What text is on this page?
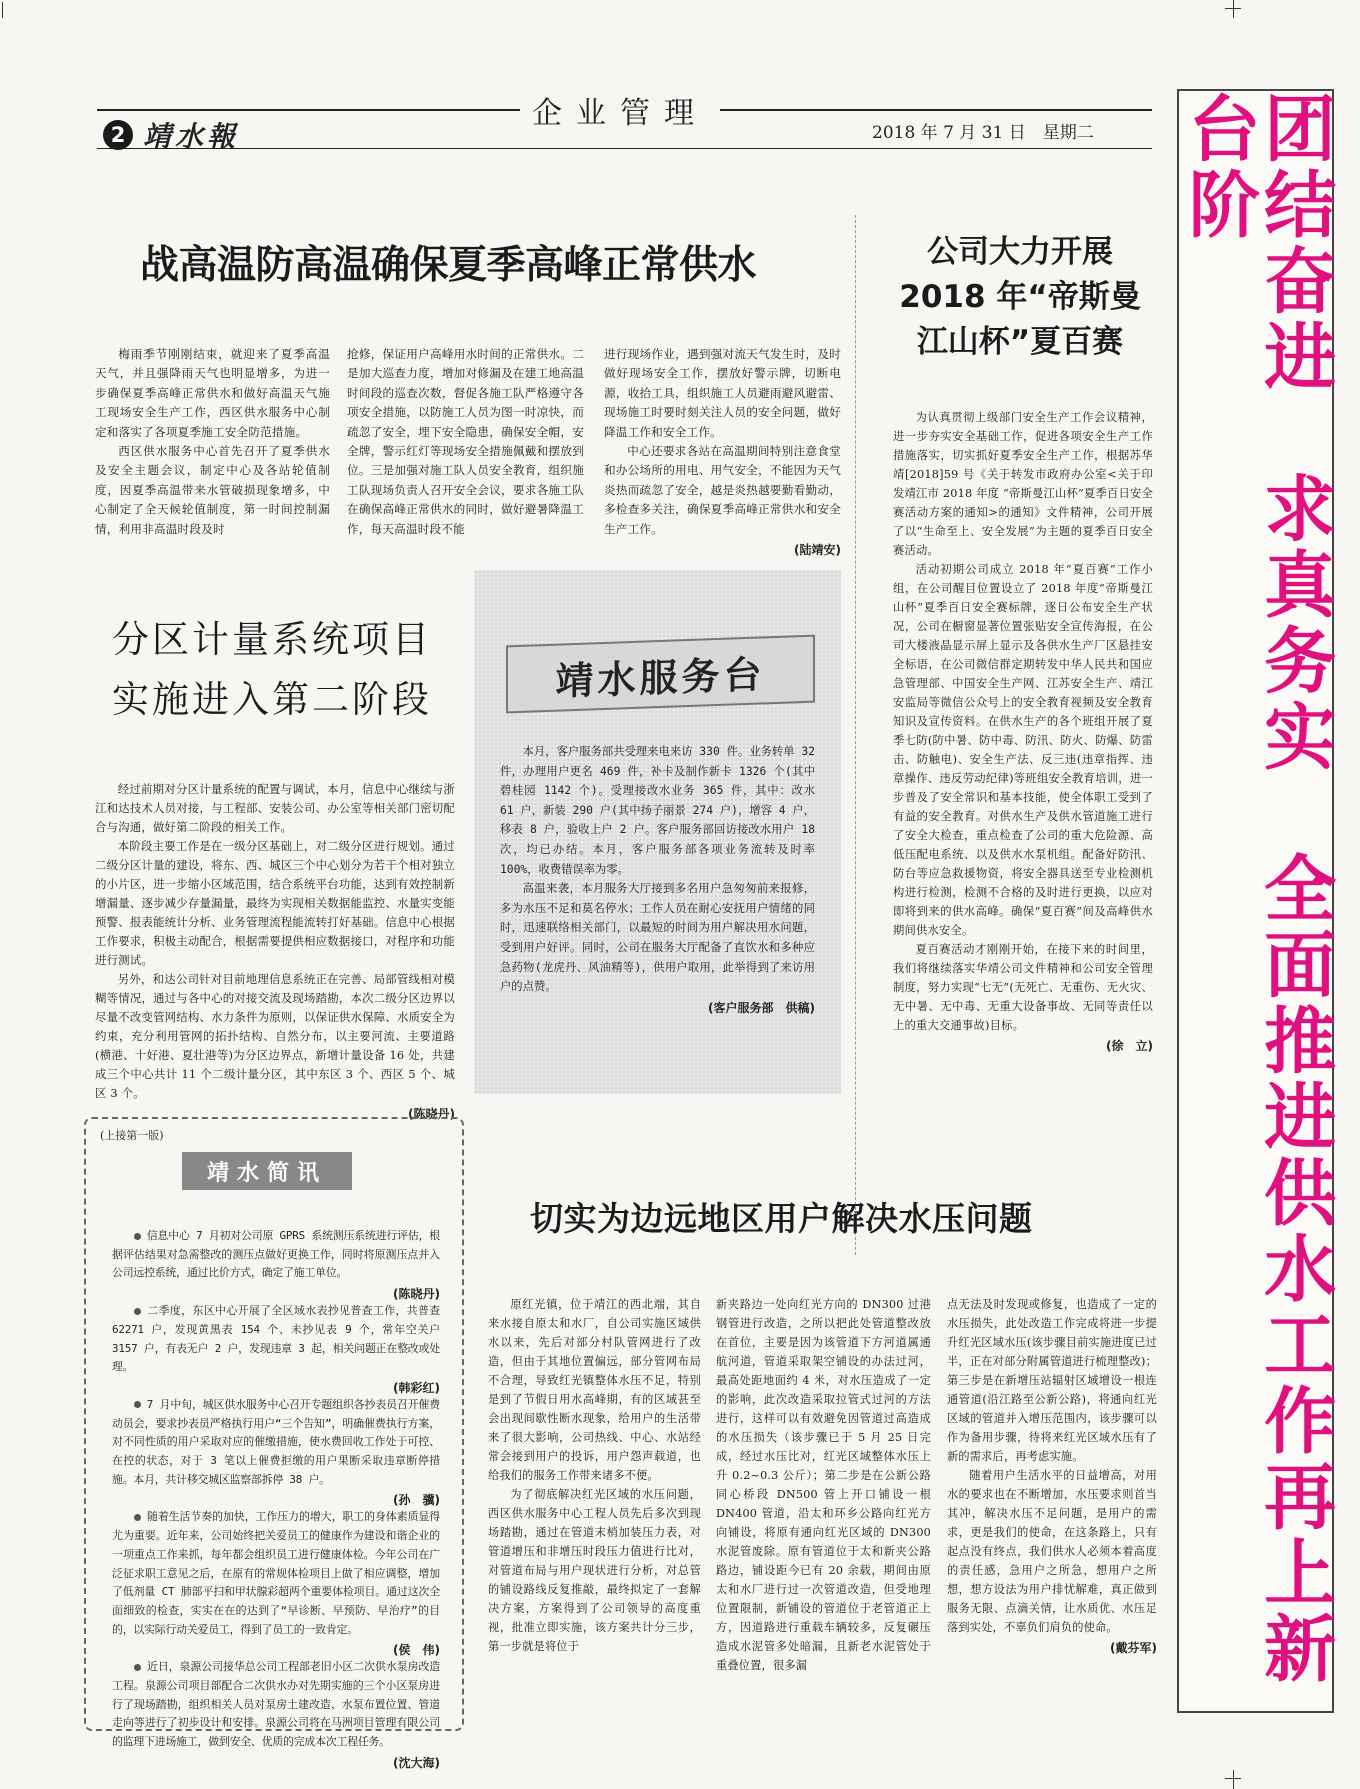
企业管理
2 靖水報	2018 年 7 月 31 日　星期二	团结奋进　求真务实　全面推进供水工作再上新台阶
战高温防高温确保夏季高峰正常供水

梅雨季节刚刚结束，就迎来了夏季高温天气，并且强降雨天气也明显增多，为进一步确保夏季高峰正常供水和做好高温天气施工现场安全生产工作，西区供水服务中心制定和落实了各项夏季施工安全防范措施。

西区供水服务中心首先召开了夏季供水及安全主题会议，制定中心及各站轮值制度，因夏季高温带来水管破损现象增多，中心制定了全天候轮值制度，第一时间控制漏情，利用非高温时段及时

抢修，保证用户高峰用水时间的正常供水。二是加大巡查力度，增加对修漏及在建工地高温时间段的巡查次数，督促各施工队严格遵守各项安全措施，以防施工人员为图一时凉快，而疏忽了安全，埋下安全隐患，确保安全帽，安全牌，警示红灯等现场安全措施佩戴和摆放到位。三是加强对施工队人员安全教育，组织施工队现场负责人召开安全会议，要求各施工队在确保高峰正常供水的同时，做好避暑降温工作，每天高温时段不能

进行现场作业，遇到强对流天气发生时，及时做好现场安全工作，摆放好警示牌，切断电源，收拾工具，组织施工人员避雨避风避雷、现场施工时要时刻关注人员的安全问题，做好降温工作和安全工作。

中心还要求各站在高温期间特别注意食堂和办公场所的用电、用气安全，不能因为天气炎热而疏忽了安全，越是炎热越要勤看勤动，多检查多关注，确保夏季高峰正常供水和安全生产工作。

(陆靖安)
分区计量系统项目
实施进入第二阶段

经过前期对分区计量系统的配置与调试，本月，信息中心继续与浙江和达技术人员对接，与工程部、安装公司、办公室等相关部门密切配合与沟通，做好第二阶段的相关工作。

本阶段主要工作是在一级分区基础上，对二级分区进行规划。通过二级分区计量的建设，将东、西、城区三个中心划分为若干个相对独立的小片区，进一步缩小区域范围，结合系统平台功能，达到有效控制新增漏量、逐步减少存量漏量，最终为实现相关数据能监控、水量实变能预警、报表能统计分析、业务管理流程能流转打好基础。信息中心根据工作要求，积极主动配合，根据需要提供相应数据接口，对程序和功能进行测试。

另外，和达公司针对目前地理信息系统正在完善、局部管线相对模糊等情况，通过与各中心的对接交流及现场踏勘，本次二级分区边界以尽量不改变管网结构、水力条件为原则，以保证供水保障、水质安全为约束，充分利用管网的拓扑结构、自然分布，以主要河流、主要道路(横港、十好港、夏壮港等)为分区边界点，新增计量设备 16 处，共建成三个中心共计 11 个二级计量分区，其中东区 3 个、西区 5 个、城区 3 个。

(陈晓丹)
靖水服务台

本月，客户服务部共受理来电来访 330 件。业务转单 32 件，办理用户更名 469 件，补卡及制作新卡 1326 个(其中碧桂园 1142 个)。受理接改水业务 365 件，其中：改水 61 户，新装 290 户(其中扬子丽景 274 户)，增容 4 户，移表 8 户，验收上户 2 户。客户服务部回访接改水用户 18 次，均已办结。本月，客户服务部各项业务流转及时率 100%，收费错误率为零。

高温来袭，本月服务大厅接到多名用户急匆匆前来报修，多为水压不足和莫名停水；工作人员在耐心安抚用户情绪的同时，迅速联络相关部门，以最短的时间为用户解决用水问题，受到用户好评。同时，公司在服务大厅配备了直饮水和多种应急药物(龙虎丹、风油精等)，供用户取用，此举得到了来访用户的点赞。

(客户服务部　供稿)
公司大力开展
2018 年“帝斯曼
江山杯”夏百赛

为认真贯彻上级部门安全生产工作会议精神，进一步夯实安全基础工作，促进各项安全生产工作措施落实，切实抓好夏季安全生产工作，根据苏华靖[2018]59 号《关于转发市政府办公室<关于印发靖江市 2018 年度 “帝斯曼江山杯”夏季百日安全赛活动方案的通知>的通知》文件精神，公司开展了以“生命至上、安全发展”为主题的夏季百日安全赛活动。

活动初期公司成立 2018 年“夏百赛”工作小组，在公司醒目位置设立了 2018 年度“帝斯曼江山杯”夏季百日安全赛标牌，逐日公布安全生产状况，公司在橱窗显著位置张贴安全宣传海报，在公司大楼液晶显示屏上显示及各供水生产厂区悬挂安全标语，在公司微信群定期转发中华人民共和国应急管理部、中国安全生产网、江苏安全生产、靖江安监局等微信公众号上的安全教育视频及安全教育知识及宣传资料。在供水生产的各个班组开展了夏季七防(防中暑、防中毒、防汛、防火、防爆、防雷击、防触电)、安全生产法、反三违(违章指挥、违章操作、违反劳动纪律)等班组安全教育培训，进一步普及了安全常识和基本技能，使全体职工受到了有益的安全教育。对供水生产及供水管道施工进行了安全大检查，重点检查了公司的重大危险源、高低压配电系统、以及供水水泵机组。配备好防汛、防台等应急救援物资，将安全器具送至专业检测机构进行检测，检测不合格的及时进行更换，以应对即将到来的供水高峰。确保“夏百赛”间及高峰供水期间供水安全。

夏百赛活动才刚刚开始，在接下来的时间里，我们将继续落实华靖公司文件精神和公司安全管理制度，努力实现“七无”(无死亡、无重伤、无火灾、无中暑、无中毒、无重大设备事故、无同等责任以上的重大交通事故)目标。

(徐　立)
(上接第一版)
靖水简讯

信息中心 7 月初对公司原 GPRS 系统测压系统进行评估，根据评估结果对急需整改的测压点做好更换工作，同时将原测压点并入公司远控系统，通过比价方式，确定了施工单位。

(陈晓丹)

二季度，东区中心开展了全区域水表抄见普查工作，共普查 62271 户，发现黄黑表 154 个、未抄见表 9 个，常年空关户 3157 户，有表无户 2 户，发现违章 3 起，相关问题正在整改或处理。

(韩彩红)

7 月中旬，城区供水服务中心召开专题组织各抄表员召开催费动员会，要求抄表员严格执行用户“三个告知”，明确催费执行方案，对不同性质的用户采取对应的催缴措施，使水费回收工作处于可控、在控的状态，对于 3 笔以上催费拒缴的用户果断采取违章断停措施。本月，共计移交城区监察部拆停 38 户。

(孙　骥)

随着生活节奏的加快，工作压力的增大，职工的身体素质显得尤为重要。近年来，公司始终把关爱员工的健康作为建设和谐企业的一项重点工作来抓，每年都会组织员工进行健康体检。今年公司在广泛征求职工意见之后，在原有的常规体检项目上做了相应调整，增加了低剂量 CT 肺部平扫和甲状腺彩超两个重要体检项目。通过这次全面细致的检查，实实在在的达到了“早诊断、早预防、早治疗”的目的，以实际行动关爱员工，得到了员工的一致肯定。

(侯　伟)

近日，泉源公司接华总公司工程部老旧小区二次供水泵房改造工程。泉源公司项目部配合二次供水办对先期实施的三个小区泵房进行了现场踏勘，组织相关人员对泵房土建改造、水泵布置位置、管道走向等进行了初步设计和安排。泉源公司将在马洲项目管理有限公司的监理下进场施工，做到安全、优质的完成本次工程任务。

(沈大海)
切实为边远地区用户解决水压问题

原红光镇，位于靖江的西北端，其自来水接自原太和水厂，自公司实施区域供水以来，先后对部分村队管网进行了改造，但由于其地位置偏远，部分管网布局不合理，导致红光镇整体水压不足，特别是到了节假日用水高峰期，有的区域甚至会出现间歇性断水现象，给用户的生活带来了很大影响，公司热线、中心、水站经常会接到用户的投诉，用户怨声载道，也给我们的服务工作带来诸多不便。

为了彻底解决红光区域的水压问题，西区供水服务中心工程人员先后多次到现场踏勘，通过在管道末梢加装压力表，对管道增压和非增压时段压力值进行比对，对管道布局与用户现状进行分析，对总管的铺设路线反复推敲，最终拟定了一套解决方案，方案得到了公司领导的高度重视，批准立即实施，该方案共计分三步，第一步就是将位于

新夹路边一处向红光方向的 DN300 过港钢管进行改造，之所以把此处管道整改放在首位，主要是因为该管道下方河道属通航河道，管道采取架空铺设的办法过河，最高处距地面约 4 米，对水压造成了一定的影响，此次改造采取拉管式过河的方法进行，这样可以有效避免因管道过高造成的水压损失（该步骤已于 5 月 25 日完成，经过水压比对，红光区域整体水压上升 0.2~0.3 公斤）；第二步是在公新公路同心桥段 DN500 管上开口铺设一根 DN400 管道，沿太和环乡公路向红光方向铺设，将原有通向红光区域的 DN300 水泥管废除。原有管道位于太和新夹公路路边，铺设距今已有 20 余载，期间由原太和水厂进行过一次管道改造，但受地理位置限制，新铺设的管道位于老管道正上方，因道路进行重载车辆较多，反复碾压造成水泥管多处暗漏，且新老水泥管处于重叠位置，很多漏

点无法及时发现或修复，也造成了一定的水压损失，此处改造工作完成将进一步提升红光区域水压(该步骤目前实施进度已过半，正在对部分附属管道进行梳理整改)；第三步是在新增压站辐射区域增设一根连通管道(沿江路至公新公路)，将通向红光区域的管道并入增压范围内，该步骤可以作为备用步骤，待将来红光区域水压有了新的需求后，再考虑实施。

随着用户生活水平的日益增高，对用水的要求也在不断增加，水压要求则首当其冲，解决水压不足问题，是用户的需求，更是我们的使命，在这条路上，只有起点没有终点，我们供水人必须本着高度的责任感，急用户之所急，想用户之所想，想方设法为用户排忧解难，真正做到服务无限、点滴关情，让水质优、水压足落到实处，不辜负们肩负的使命。

(戴芬军)
